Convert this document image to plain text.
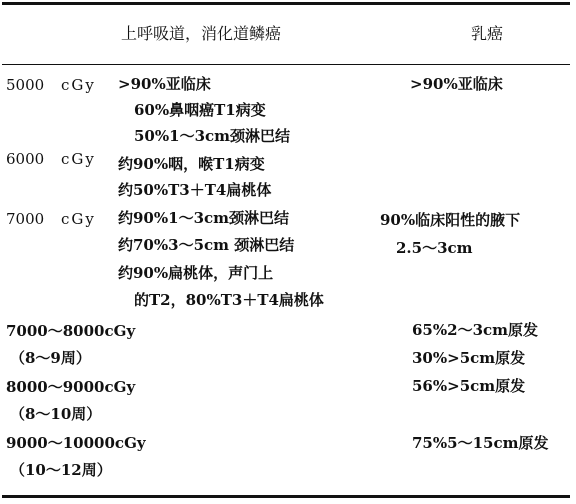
上呼吸道，消化道鳞癌	乳癌
5000 cGy >90%亚临床
60%鼻咽癌T1病变
50%1～3cm颈淋巴结
>90%亚临床
6000 cGy 约90%咽，喉T1病变
约50%T3＋T4扁桃体
7000 cGy 约90%1～3cm颈淋巴结
约70%3～5cm 颈淋巴结
约90%扁桃体，声门上
的T2，80%T3＋T4扁桃体
90%临床阳性的腋下
2.5～3cm
7000～8000cGy
（8～9周）
65%2～3cm原发
30%>5cm原发
8000～9000cGy
（8～10周）
56%>5cm原发
9000～10000cGy
（10～12周）
75%5～15cm原发
